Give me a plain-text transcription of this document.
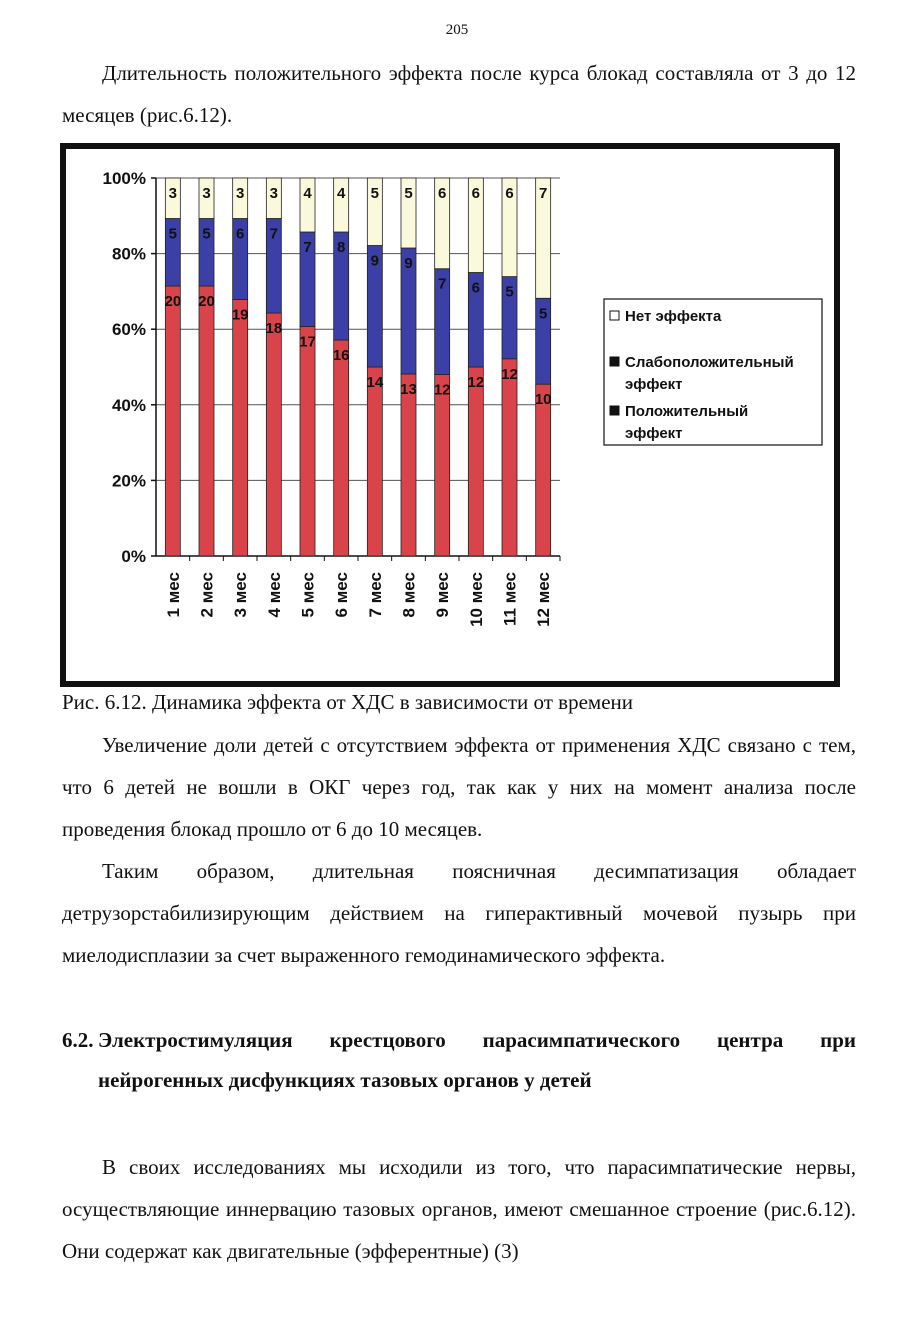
205

Длительность положительного эффекта после курса блокад составляла от 3 до 12 месяцев (рис.6.12).

0%
20%
40%
60%
80%
100%
20
5
3
1 мес
20
5
3
2 мес
19
6
3
3 мес
18
7
3
4 мес
17
7
4
5 мес
16
8
4
6 мес
14
9
5
7 мес
13
9
5
8 мес
12
7
6
9 мес
12
6
6
10 мес
12
5
6
11 мес
10
5
7
12 мес
Нет эффекта
Слабоположительный
эффект
Положительный
эффект

Рис. 6.12. Динамика эффекта от ХДС в зависимости от времени

Увеличение доли детей с отсутствием эффекта от применения ХДС связано с тем, что 6 детей не вошли в ОКГ через год, так как у них на момент анализа после проведения блокад прошло от 6 до 10 месяцев.

Таким образом, длительная поясничная десимпатизация обладает детрузорстабилизирующим действием на гиперактивный мочевой пузырь при миелодисплазии за счет выраженного гемодинамического эффекта.

6.2. Электростимуляция крестцового парасимпатического центра при
нейрогенных дисфункциях тазовых органов у детей

В своих исследованиях мы исходили из того, что парасимпатические нервы, осуществляющие иннервацию тазовых органов, имеют смешанное строение (рис.6.12). Они содержат как двигательные (эфферентные) (3)
